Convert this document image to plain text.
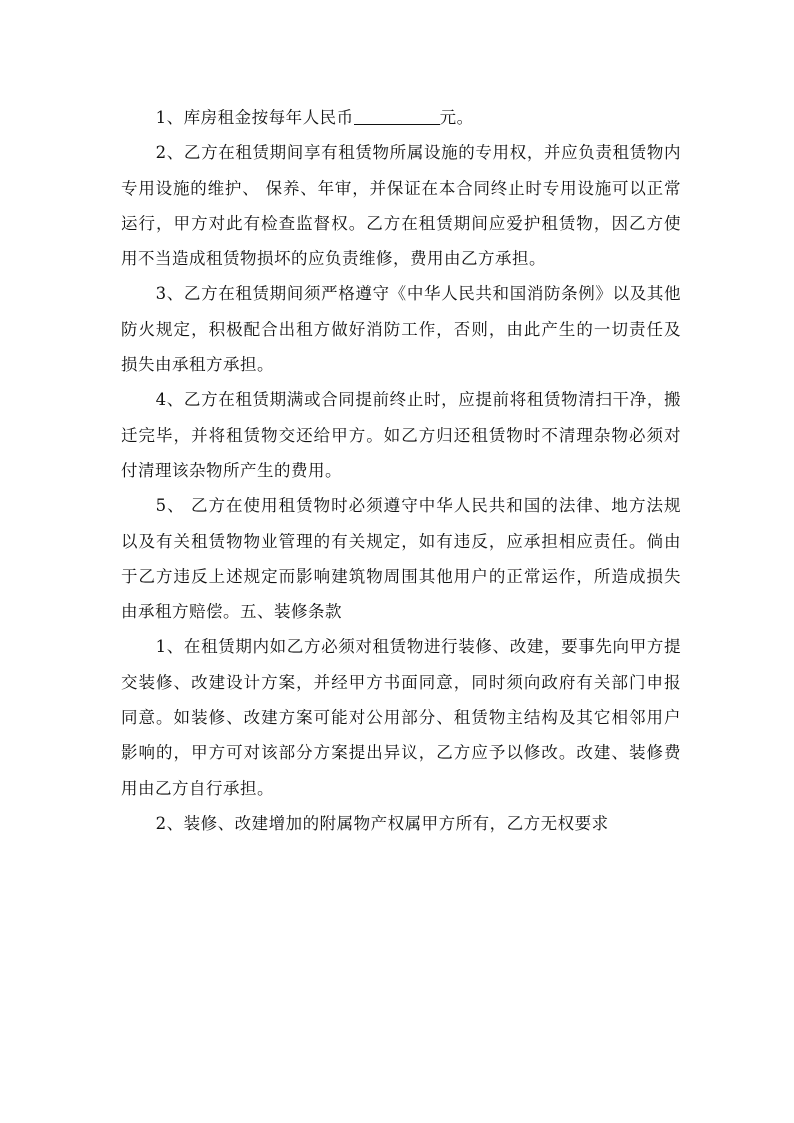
1、库房租金按每年人民币	元。

2、乙方在租赁期间享有租赁物所属设施的专用权，并应负责租赁物内专用设施的维护、 保养、年审，并保证在本合同终止时专用设施可以正常运行，甲方对此有检查监督权。乙方在租赁期间应爱护租赁物，因乙方使用不当造成租赁物损坏的应负责维修，费用由乙方承担。

3、乙方在租赁期间须严格遵守《中华人民共和国消防条例》以及其他防火规定，积极配合出租方做好消防工作，否则，由此产生的一切责任及损失由承租方承担。

4、乙方在租赁期满或合同提前终止时，应提前将租赁物清扫干净，搬迁完毕，并将租赁物交还给甲方。如乙方归还租赁物时不清理杂物必须对付清理该杂物所产生的费用。

5、 乙方在使用租赁物时必须遵守中华人民共和国的法律、地方法规以及有关租赁物物业管理的有关规定，如有违反，应承担相应责任。倘由于乙方违反上述规定而影响建筑物周围其他用户的正常运作，所造成损失由承租方赔偿。五、装修条款

1、在租赁期内如乙方必须对租赁物进行装修、改建，要事先向甲方提交装修、改建设计方案，并经甲方书面同意，同时须向政府有关部门申报同意。如装修、改建方案可能对公用部分、租赁物主结构及其它相邻用户影响的，甲方可对该部分方案提出异议，乙方应予以修改。改建、装修费用由乙方自行承担。

2、装修、改建增加的附属物产权属甲方所有，乙方无权要求
